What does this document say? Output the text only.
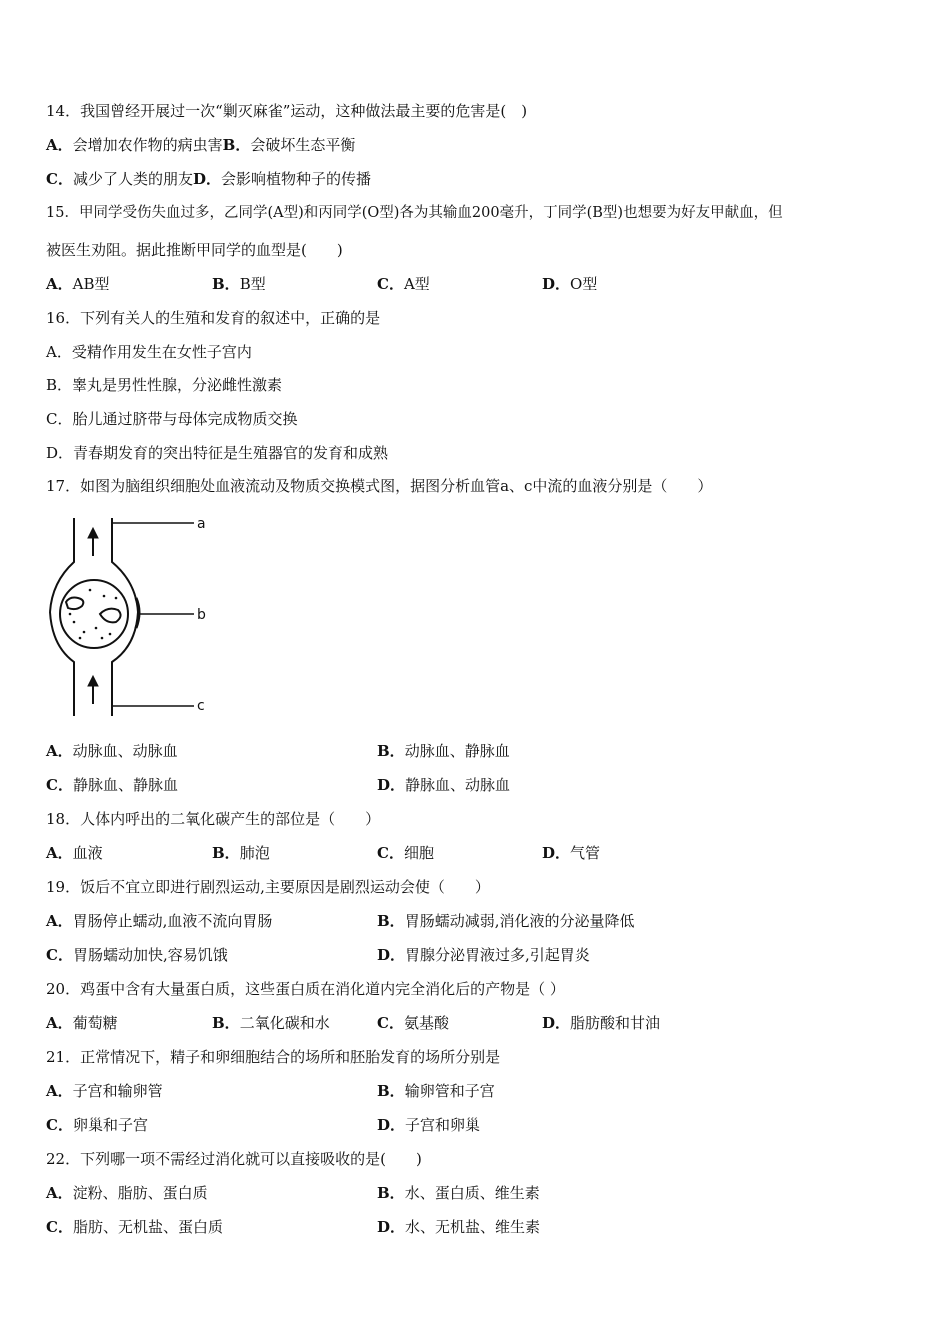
14．我国曾经开展过一次“剿灭麻雀”运动，这种做法最主要的危害是(　)
A．会增加农作物的病虫害B．会破坏生态平衡
C．减少了人类的朋友D．会影响植物种子的传播
15．甲同学受伤失血过多，乙同学(A型)和丙同学(O型)各为其输血200毫升，丁同学(B型)也想要为好友甲献血，但
被医生劝阻。据此推断甲同学的血型是(　　)
A．AB型	B．B型	C．A型	D．O型
16．下列有关人的生殖和发育的叙述中，正确的是
A．受精作用发生在女性子宫内
B．睾丸是男性性腺，分泌雌性激素
C．胎儿通过脐带与母体完成物质交换
D．青春期发育的突出特征是生殖器官的发育和成熟
17．如图为脑组织细胞处血液流动及物质交换模式图，据图分析血管a、c中流的血液分别是（　　）
a
b
c
A．动脉血、动脉血	B．动脉血、静脉血
C．静脉血、静脉血	D．静脉血、动脉血
18．人体内呼出的二氧化碳产生的部位是（　　）
A．血液	B．肺泡	C．细胞	D．气管
19．饭后不宜立即进行剧烈运动,主要原因是剧烈运动会使（　　）
A．胃肠停止蠕动,血液不流向胃肠	B．胃肠蠕动减弱,消化液的分泌量降低
C．胃肠蠕动加快,容易饥饿	D．胃腺分泌胃液过多,引起胃炎
20．鸡蛋中含有大量蛋白质，这些蛋白质在消化道内完全消化后的产物是（ ）
A．葡萄糖	B．二氧化碳和水	C．氨基酸	D．脂肪酸和甘油
21．正常情况下，精子和卵细胞结合的场所和胚胎发育的场所分别是
A．子宫和输卵管	B．输卵管和子宫
C．卵巢和子宫	D．子宫和卵巢
22．下列哪一项不需经过消化就可以直接吸收的是(　　)
A．淀粉、脂肪、蛋白质	B．水、蛋白质、维生素
C．脂肪、无机盐、蛋白质	D．水、无机盐、维生素
